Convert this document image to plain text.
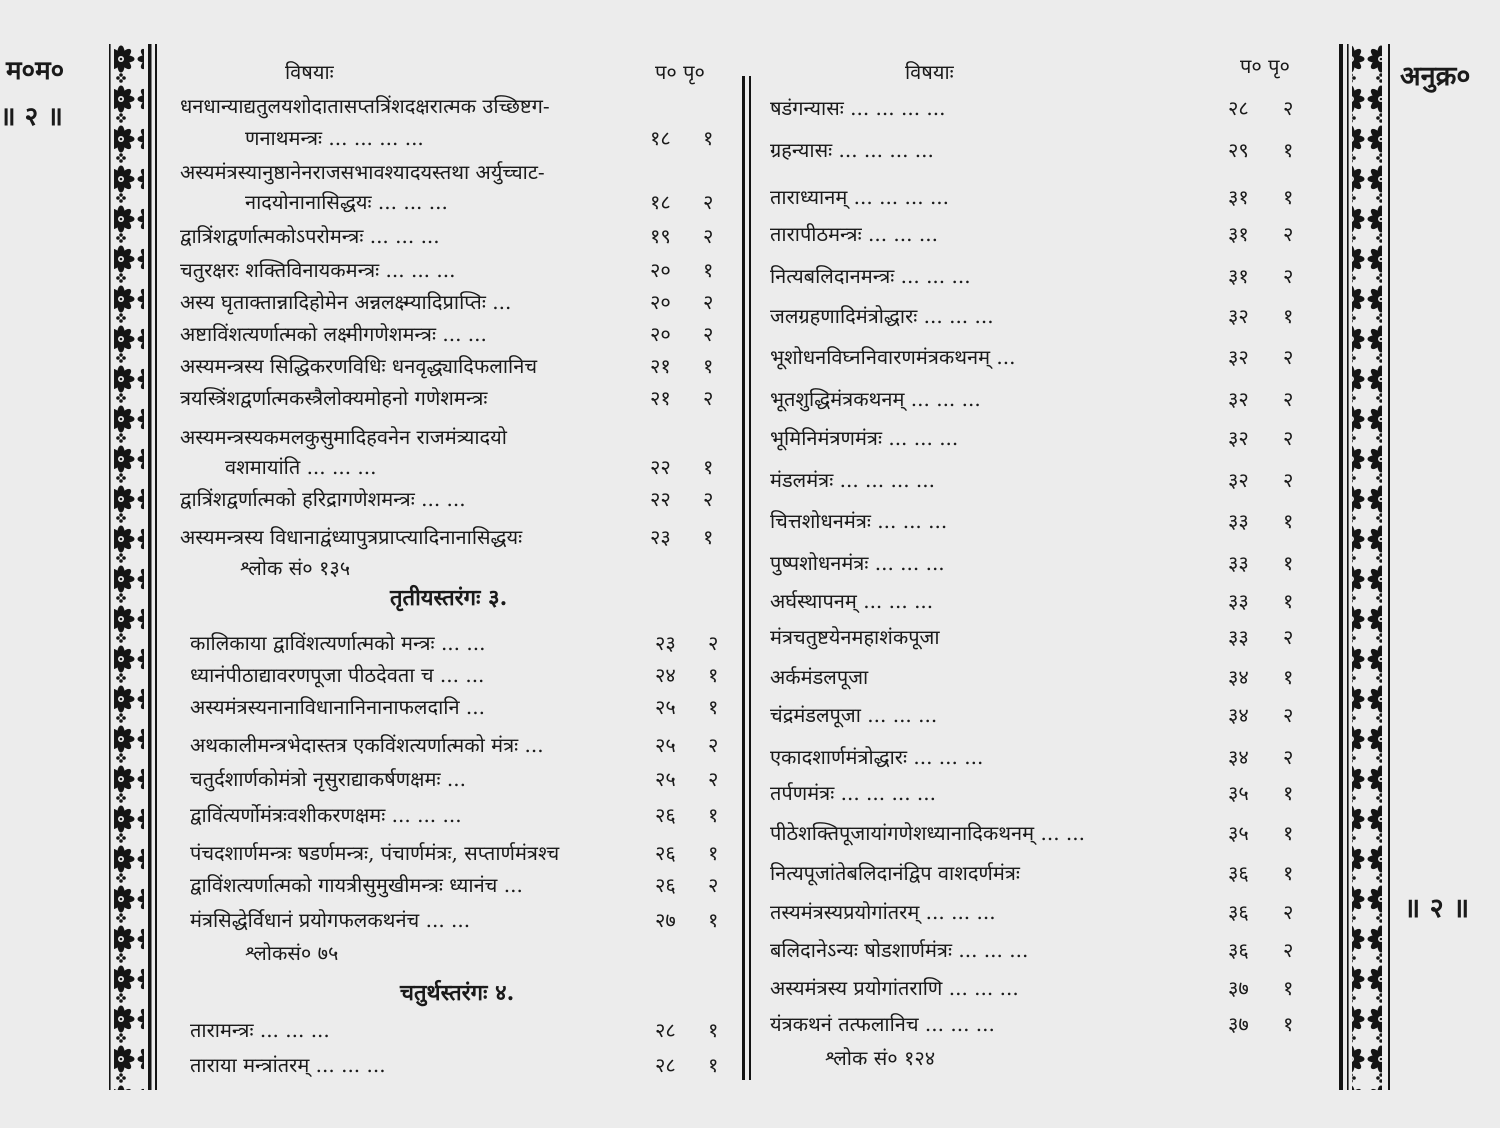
म०म०
॥ २ ॥
अनुक्र०
॥ २ ॥
विषयाः	प० पृ०
धनधान्याद्यतुलयशोदातासप्तत्रिंशदक्षरात्मक उच्छिष्टग-
णनाथमन्त्रः ... ... ... ...	१८ १
अस्यमंत्रस्यानुष्ठानेनराजसभावश्यादयस्तथा अर्युच्चाट-
नादयोनानासिद्धयः ... ... ...	१८ २
द्वात्रिंशद्वर्णात्मकोऽपरोमन्त्रः ... ... ...	१९ २
चतुरक्षरः शक्तिविनायकमन्त्रः ... ... ...	२० १
अस्य घृताक्तान्नादिहोमेन अन्नलक्ष्म्यादिप्राप्तिः ...	२० २
अष्टाविंशत्यर्णात्मको लक्ष्मीगणेशमन्त्रः ... ...	२० २
अस्यमन्त्रस्य सिद्धिकरणविधिः धनवृद्ध्यादिफलानिच	२१ १
त्रयस्त्रिंशद्वर्णात्मकस्त्रैलोक्यमोहनो गणेशमन्त्रः	२१ २
अस्यमन्त्रस्यकमलकुसुमादिहवनेन राजमंत्र्यादयो
वशमायांति ... ... ...	२२ १
द्वात्रिंशद्वर्णात्मको हरिद्रागणेशमन्त्रः ... ...	२२ २
अस्यमन्त्रस्य विधानाद्वंध्यापुत्रप्राप्त्यादिनानासिद्धयः	२३ १
श्लोक सं० १३५
तृतीयस्तरंगः ३.
कालिकाया द्वाविंशत्यर्णात्मको मन्त्रः ... ...	२३ २
ध्यानंपीठाद्यावरणपूजा पीठदेवता च ... ...	२४ १
अस्यमंत्रस्यनानाविधानानिनानाफलदानि ...	२५ १
अथकालीमन्त्रभेदास्तत्र एकविंशत्यर्णात्मको मंत्रः ...	२५ २
चतुर्दशार्णकोमंत्रो नृसुराद्याकर्षणक्षमः ...	२५ २
द्वाविंत्यर्णोमंत्रःवशीकरणक्षमः ... ... ...	२६ १
पंचदशार्णमन्त्रः षडर्णमन्त्रः, पंचार्णमंत्रः, सप्तार्णमंत्रश्च	२६ १
द्वाविंशत्यर्णात्मको गायत्रीसुमुखीमन्त्रः ध्यानंच ...	२६ २
मंत्रसिद्धेर्विधानं प्रयोगफलकथनंच ... ...	२७ १
श्लोकसं० ७५
चतुर्थस्तरंगः ४.
तारामन्त्रः ... ... ...	२८ १
ताराया मन्त्रांतरम् ... ... ...	२८ १
विषयाः	प० पृ०
षडंगन्यासः ... ... ... ...	२८ २
ग्रहन्यासः ... ... ... ...	२९ १
ताराध्यानम् ... ... ... ...	३१ १
तारापीठमन्त्रः ... ... ...	३१ २
नित्यबलिदानमन्त्रः ... ... ...	३१ २
जलग्रहणादिमंत्रोद्धारः ... ... ...	३२ १
भूशोधनविघ्ननिवारणमंत्रकथनम् ...	३२ २
भूतशुद्धिमंत्रकथनम् ... ... ...	३२ २
भूमिनिमंत्रणमंत्रः ... ... ...	३२ २
मंडलमंत्रः ... ... ... ...	३२ २
चित्तशोधनमंत्रः ... ... ...	३३ १
पुष्पशोधनमंत्रः ... ... ...	३३ १
अर्घस्थापनम् ... ... ...	३३ १
मंत्रचतुष्टयेनमहाशंकपूजा	३३ २
अर्कमंडलपूजा	३४ १
चंद्रमंडलपूजा ... ... ...	३४ २
एकादशार्णमंत्रोद्धारः ... ... ...	३४ २
तर्पणमंत्रः ... ... ... ...	३५ १
पीठेशक्तिपूजायांगणेशध्यानादिकथनम् ... ...	३५ १
नित्यपूजांतेबलिदानंद्विप वाशदर्णमंत्रः	३६ १
तस्यमंत्रस्यप्रयोगांतरम् ... ... ...	३६ २
बलिदानेऽन्यः षोडशार्णमंत्रः ... ... ...	३६ २
अस्यमंत्रस्य प्रयोगांतराणि ... ... ...	३७ १
यंत्रकथनं तत्फलानिच ... ... ...	३७ १
श्लोक सं० १२४
